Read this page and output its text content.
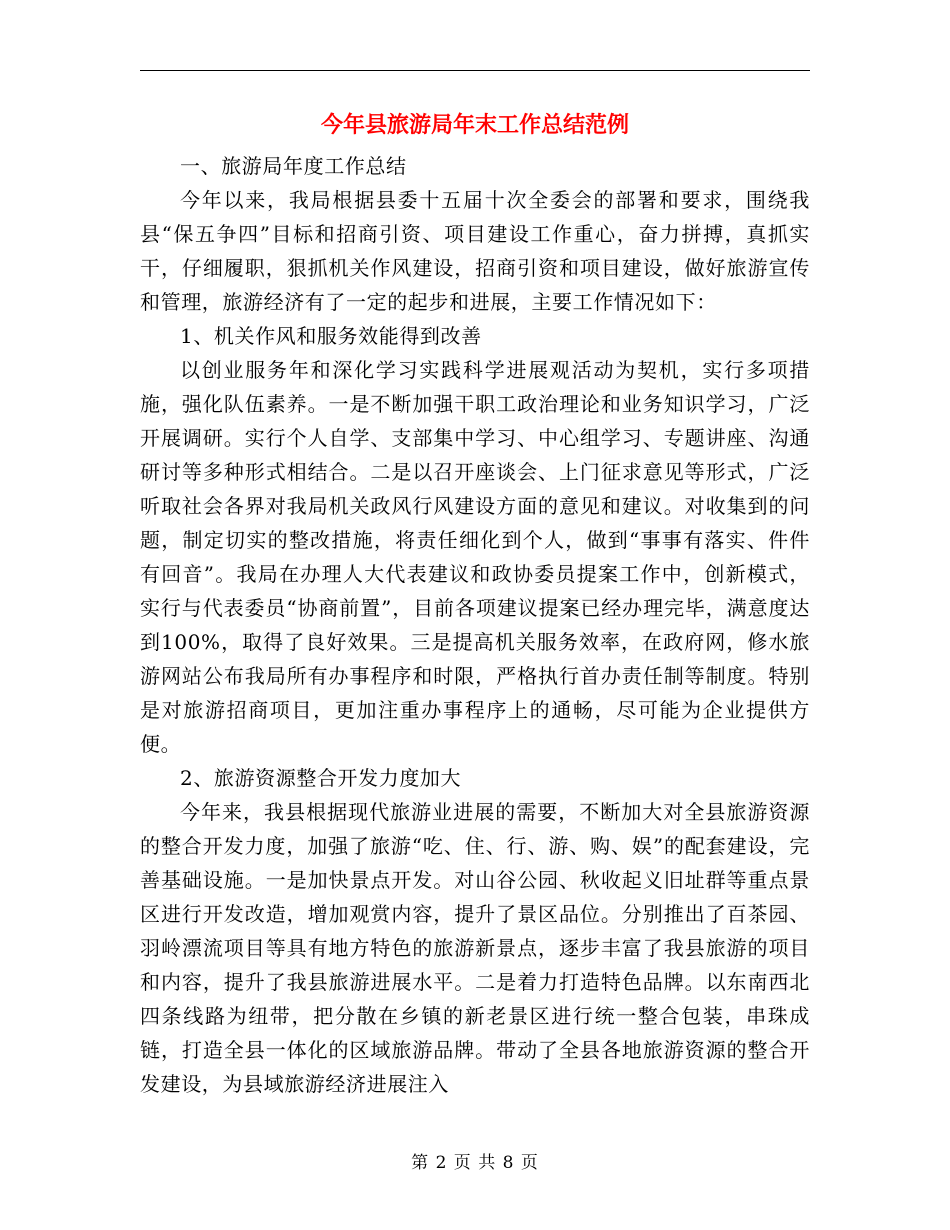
今年县旅游局年末工作总结范例

一、旅游局年度工作总结

今年以来，我局根据县委十五届十次全委会的部署和要求，围绕我县“保五争四”目标和招商引资、项目建设工作重心，奋力拼搏，真抓实干，仔细履职，狠抓机关作风建设，招商引资和项目建设，做好旅游宣传和管理，旅游经济有了一定的起步和进展，主要工作情况如下：

1、机关作风和服务效能得到改善

以创业服务年和深化学习实践科学进展观活动为契机，实行多项措施，强化队伍素养。一是不断加强干职工政治理论和业务知识学习，广泛开展调研。实行个人自学、支部集中学习、中心组学习、专题讲座、沟通研讨等多种形式相结合。二是以召开座谈会、上门征求意见等形式，广泛听取社会各界对我局机关政风行风建设方面的意见和建议。对收集到的问题，制定切实的整改措施，将责任细化到个人，做到“事事有落实、件件有回音”。我局在办理人大代表建议和政协委员提案工作中，创新模式，实行与代表委员“协商前置”，目前各项建议提案已经办理完毕，满意度达到100%，取得了良好效果。三是提高机关服务效率，在政府网，修水旅游网站公布我局所有办事程序和时限，严格执行首办责任制等制度。特别是对旅游招商项目，更加注重办事程序上的通畅，尽可能为企业提供方便。

2、旅游资源整合开发力度加大

今年来，我县根据现代旅游业进展的需要，不断加大对全县旅游资源的整合开发力度，加强了旅游“吃、住、行、游、购、娱”的配套建设，完善基础设施。一是加快景点开发。对山谷公园、秋收起义旧址群等重点景区进行开发改造，增加观赏内容，提升了景区品位。分别推出了百茶园、羽岭漂流项目等具有地方特色的旅游新景点，逐步丰富了我县旅游的项目和内容，提升了我县旅游进展水平。二是着力打造特色品牌。以东南西北四条线路为纽带，把分散在乡镇的新老景区进行统一整合包装，串珠成链，打造全县一体化的区域旅游品牌。带动了全县各地旅游资源的整合开发建设，为县域旅游经济进展注入

第 2 页 共 8 页
